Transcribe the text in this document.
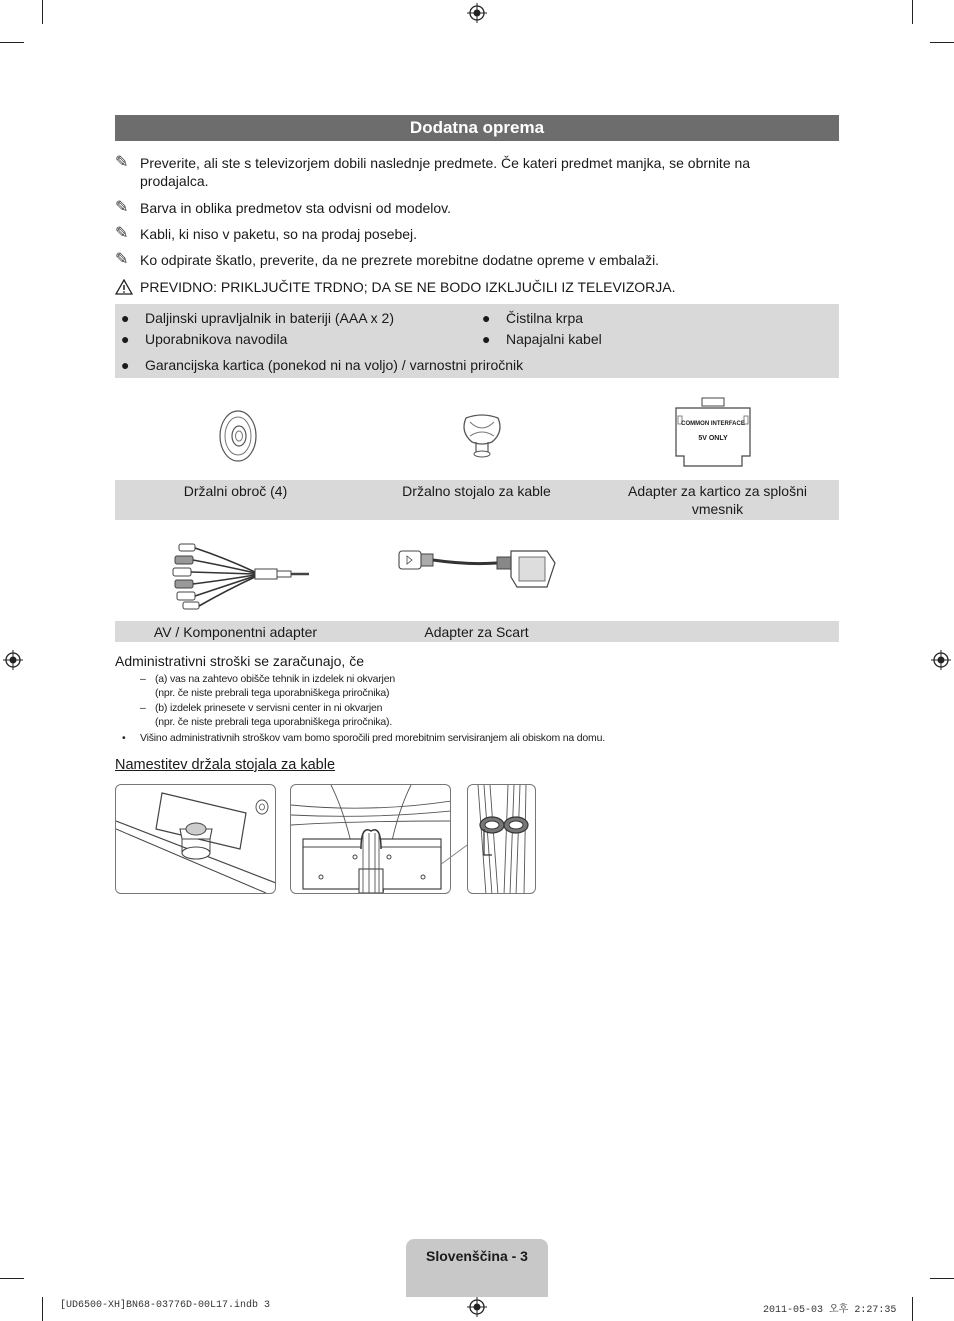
Dodatna oprema
✎ Preverite, ali ste s televizorjem dobili naslednje predmete. Če kateri predmet manjka, se obrnite na prodajalca.
✎ Barva in oblika predmetov sta odvisni od modelov.
✎ Kabli, ki niso v paketu, so na prodaj posebej.
✎ Ko odpirate škatlo, preverite, da ne prezrete morebitne dodatne opreme v embalaži.
PREVIDNO: PRIKLJUČITE TRDNO; DA SE NE BODO IZKLJUČILI IZ TELEVIZORJA.
● Daljinski upravljalnik in bateriji (AAA x 2)	● Čistilna krpa
● Uporabnikova navodila	● Napajalni kabel
● Garancijska kartica (ponekod ni na voljo) / varnostni priročnik
COMMON INTERFACE
5V ONLY
Držalni obroč (4)	Držalno stojalo za kable	Adapter za kartico za splošni vmesnik
AV / Komponentni adapter	Adapter za Scart
Administrativni stroški se zaračunajo, če
– (a) vas na zahtevo obišče tehnik in izdelek ni okvarjen
(npr. če niste prebrali tega uporabniškega priročnika)
– (b) izdelek prinesete v servisni center in ni okvarjen
(npr. če niste prebrali tega uporabniškega priročnika).
• Višino administrativnih stroškov vam bomo sporočili pred morebitnim servisiranjem ali obiskom na domu.
Namestitev držala stojala za kable
Slovenščina - 3
[UD6500-XH]BN68-03776D-00L17.indb 3	2011-05-03 오후 2:27:35
